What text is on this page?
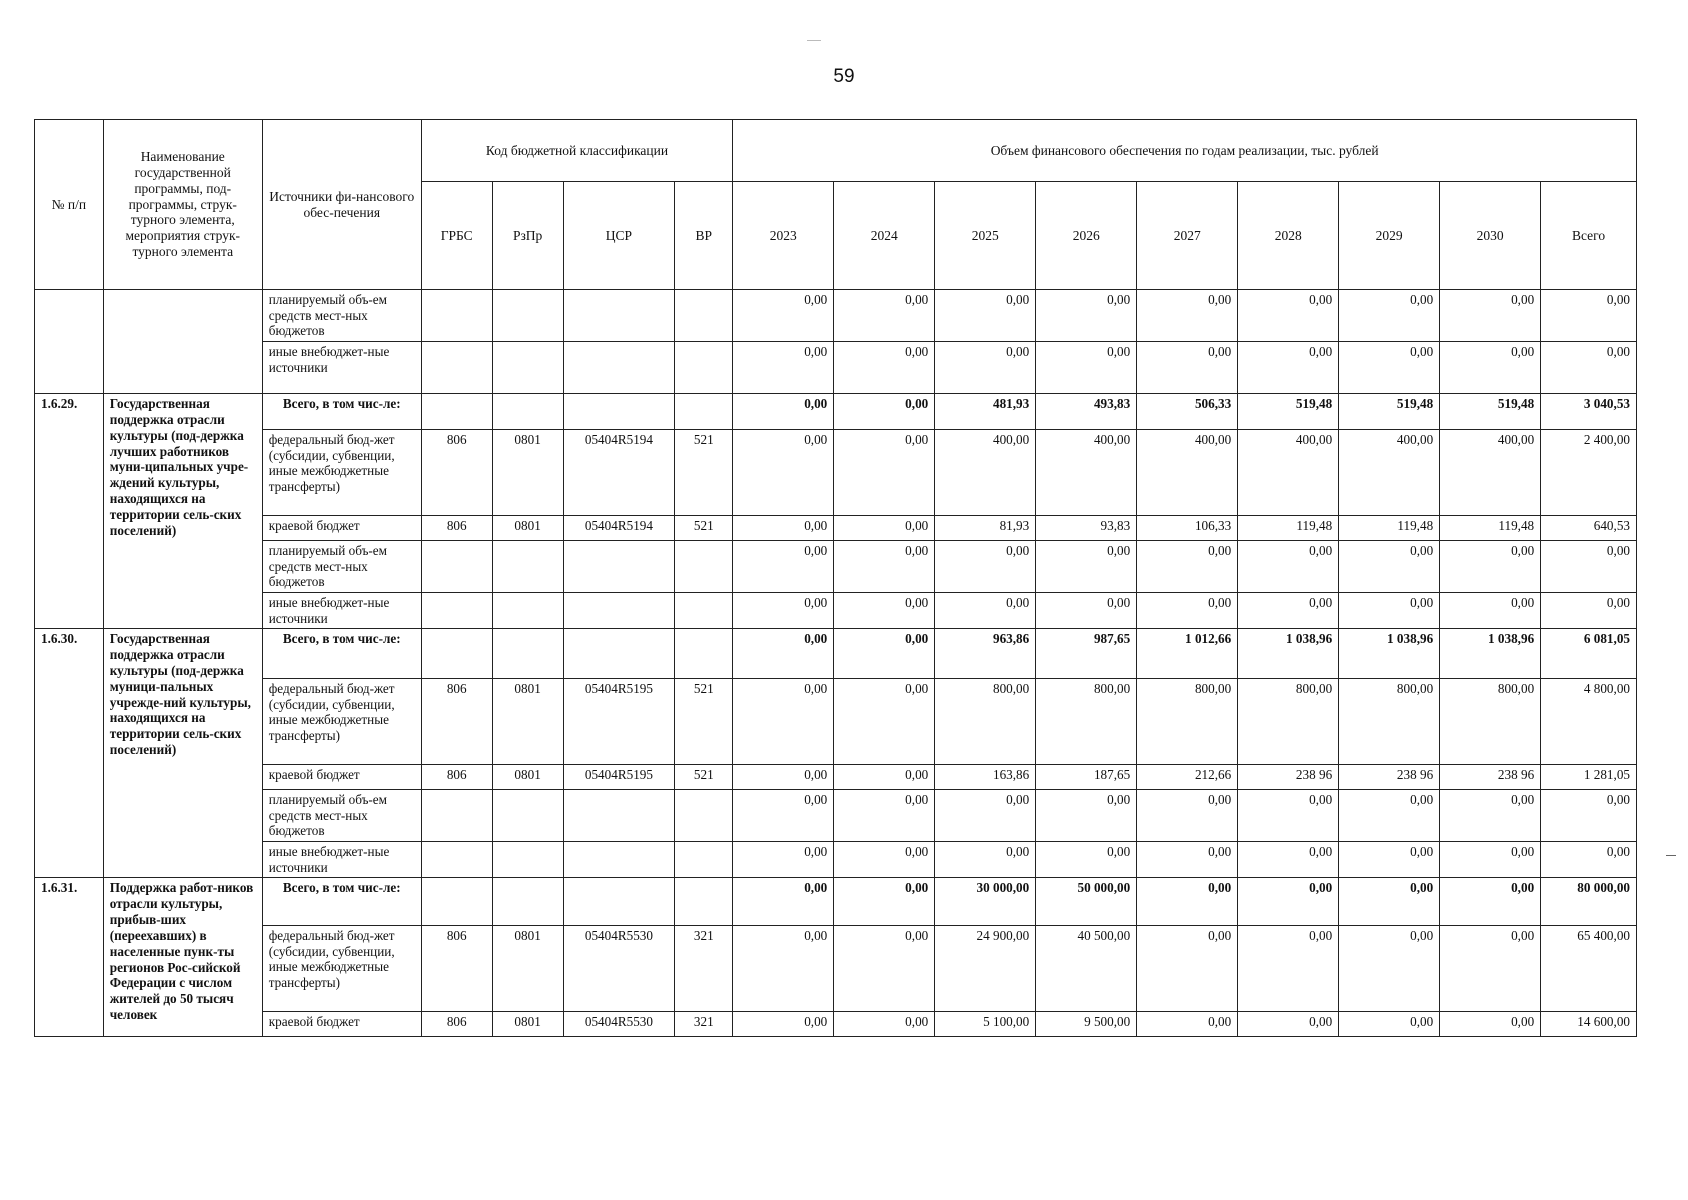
59
№ п/п	Наименование государственной программы, под-программы, струк-турного элемента, мероприятия струк-турного элемента	Источники фи-нансового обес-печения	Код бюджетной классификации				Объем финансового обеспечения по годам реализации, тыс. рублей								
			ГРБС	РзПр	ЦСР	ВР	2023	2024	2025	2026	2027	2028	2029	2030	Всего
		планируемый объ-ем средств мест-ных бюджетов					0,00	0,00	0,00	0,00	0,00	0,00	0,00	0,00	0,00
		иные внебюджет-ные источники					0,00	0,00	0,00	0,00	0,00	0,00	0,00	0,00	0,00
1.6.29.	Государственная поддержка отрасли культуры (под-держка лучших работников муни-ципальных учре-ждений культуры, находящихся на территории сель-ских поселений)	Всего, в том чис-ле:					0,00	0,00	481,93	493,83	506,33	519,48	519,48	519,48	3 040,53
		федеральный бюд-жет (субсидии, субвенции, иные межбюджетные трансферты)	806	0801	05404R5194	521	0,00	0,00	400,00	400,00	400,00	400,00	400,00	400,00	2 400,00
		краевой бюджет	806	0801	05404R5194	521	0,00	0,00	81,93	93,83	106,33	119,48	119,48	119,48	640,53
		планируемый объ-ем средств мест-ных бюджетов					0,00	0,00	0,00	0,00	0,00	0,00	0,00	0,00	0,00
		иные внебюджет-ные источники					0,00	0,00	0,00	0,00	0,00	0,00	0,00	0,00	0,00
1.6.30.	Государственная поддержка отрасли культуры (под-держка муници-пальных учрежде-ний культуры, находящихся на территории сель-ских поселений)	Всего, в том чис-ле:					0,00	0,00	963,86	987,65	1 012,66	1 038,96	1 038,96	1 038,96	6 081,05
		федеральный бюд-жет (субсидии, субвенции, иные межбюджетные трансферты)	806	0801	05404R5195	521	0,00	0,00	800,00	800,00	800,00	800,00	800,00	800,00	4 800,00
		краевой бюджет	806	0801	05404R5195	521	0,00	0,00	163,86	187,65	212,66	238 96	238 96	238 96	1 281,05
		планируемый объ-ем средств мест-ных бюджетов					0,00	0,00	0,00	0,00	0,00	0,00	0,00	0,00	0,00
		иные внебюджет-ные источники					0,00	0,00	0,00	0,00	0,00	0,00	0,00	0,00	0,00
1.6.31.	Поддержка работ-ников отрасли культуры, прибыв-ших (переехавших) в населенные пунк-ты регионов Рос-сийской Федерации с числом жителей до 50 тысяч человек	Всего, в том чис-ле:					0,00	0,00	30 000,00	50 000,00	0,00	0,00	0,00	0,00	80 000,00
		федеральный бюд-жет (субсидии, субвенции, иные межбюджетные трансферты)	806	0801	05404R5530	321	0,00	0,00	24 900,00	40 500,00	0,00	0,00	0,00	0,00	65 400,00
		краевой бюджет	806	0801	05404R5530	321	0,00	0,00	5 100,00	9 500,00	0,00	0,00	0,00	0,00	14 600,00
